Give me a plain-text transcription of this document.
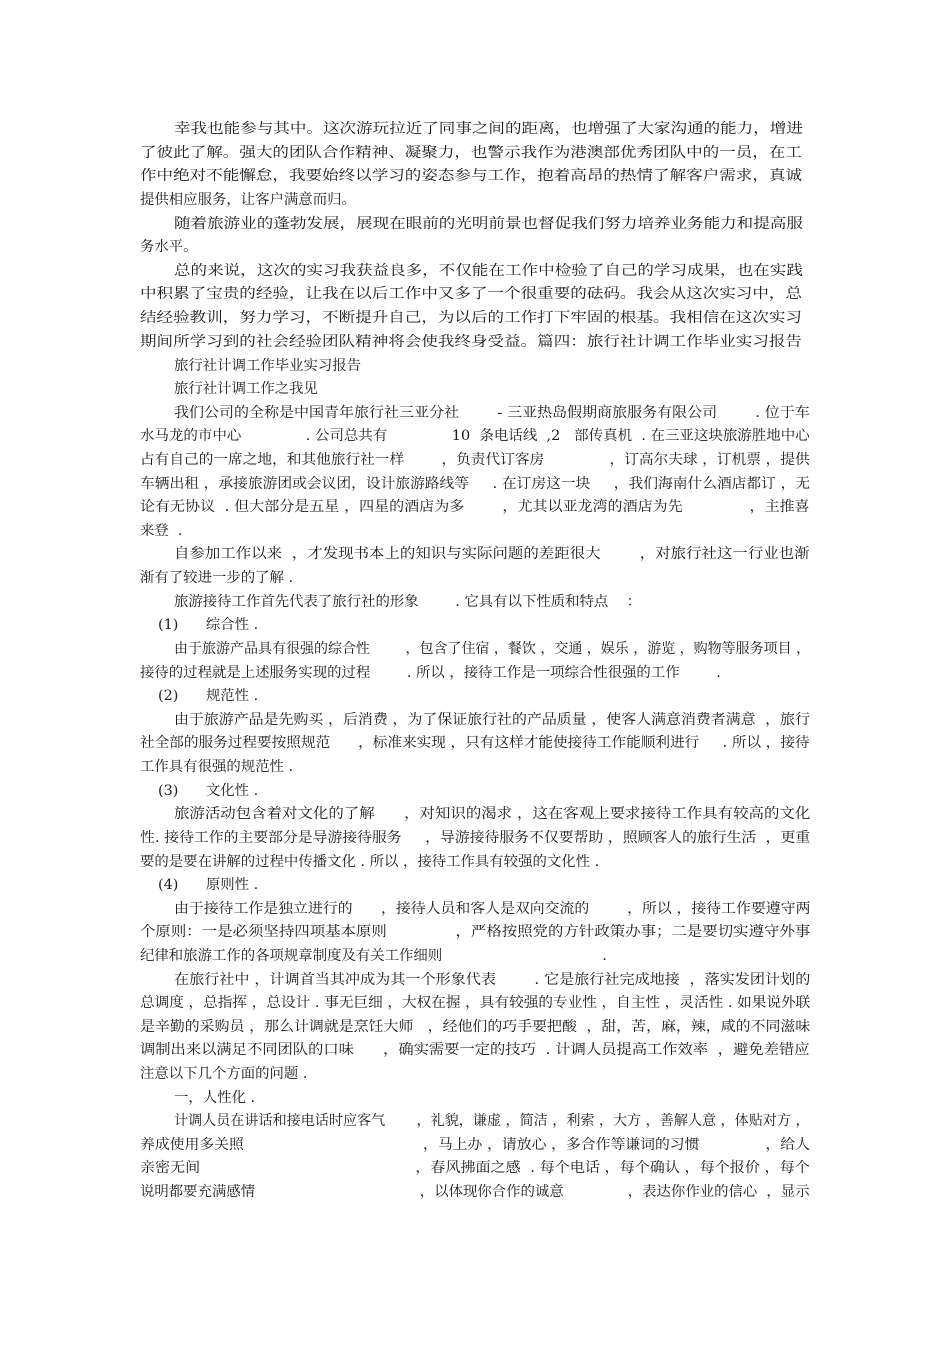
幸我也能参与其中。这次游玩拉近了同事之间的距离，也增强了大家沟通的能力，增进
了彼此了解。强大的团队合作精神、凝聚力，也警示我作为港澳部优秀团队中的一员，在工
作中绝对不能懈怠，我要始终以学习的姿态参与工作，抱着高昂的热情了解客户需求，真诚
提供相应服务，让客户满意而归。
随着旅游业的蓬勃发展，展现在眼前的光明前景也督促我们努力培养业务能力和提高服
务水平。
总的来说，这次的实习我获益良多，不仅能在工作中检验了自己的学习成果，也在实践
中积累了宝贵的经验，让我在以后工作中又多了一个很重要的砝码。我会从这次实习中，总
结经验教训，努力学习，不断提升自己，为以后的工作打下牢固的根基。我相信在这次实习
期间所学习到的社会经验团队精神将会使我终身受益。篇四：旅行社计调工作毕业实习报告
旅行社计调工作毕业实习报告
旅行社计调工作之我见
我们公司的全称是中国青年旅行社三亚分社        - 三亚热岛假期商旅服务有限公司        . 位于车
水马龙的市中心              . 公司总共有              10  条电话线  ,2   部传真机  . 在三亚这块旅游胜地中心
占有自己的一席之地，和其他旅行社一样        ，负责代订客房              ，订高尔夫球 ，订机票 ，提供
车辆出租 ，承接旅游团或会议团，设计旅游路线等     . 在订房这一块     ，我们海南什么酒店都订 ，无
论有无协议  . 但大部分是五星 ，四星的酒店为多        ，尤其以亚龙湾的酒店为先              ，主推喜
来登  .
自参加工作以来  ，才发现书本上的知识与实际问题的差距很大        ，对旅行社这一行业也渐
渐有了较进一步的了解 .
旅游接待工作首先代表了旅行社的形象        . 它具有以下性质和特点    ：
(1)      综合性 .
由于旅游产品具有很强的综合性        ，包含了住宿 ，餐饮 ，交通 ，娱乐 ，游览 ，购物等服务项目 ，
接待的过程就是上述服务实现的过程        . 所以 ，接待工作是一项综合性很强的工作        .
(2)      规范性 .
由于旅游产品是先购买 ，后消费 ，为了保证旅行社的产品质量 ，使客人满意消费者满意  ，旅行
社全部的服务过程要按照规范      ，标准来实现 ，只有这样才能使接待工作能顺利进行     . 所以 ，接待
工作具有很强的规范性 .
(3)      文化性 .
旅游活动包含着对文化的了解      ，对知识的渴求 ，这在客观上要求接待工作具有较高的文化
性. 接待工作的主要部分是导游接待服务     ，导游接待服务不仅要帮助 ，照顾客人的旅行生活  ，更重
要的是要在讲解的过程中传播文化 . 所以 ，接待工作具有较强的文化性 .
(4)      原则性 .
由于接待工作是独立进行的      ，接待人员和客人是双向交流的        ，所以 ，接待工作要遵守两
个原则：一是必须坚持四项基本原则              ，严格按照党的方针政策办事；二是要切实遵守外事
纪律和旅游工作的各项规章制度及有关工作细则                                   .
在旅行社中 ，计调首当其冲成为其一个形象代表        . 它是旅行社完成地接  ，落实发团计划的
总调度 ，总指挥 ，总设计 . 事无巨细 ，大权在握 ，具有较强的专业性 ，自主性 ，灵活性 . 如果说外联
是辛勤的采购员 ，那么计调就是烹饪大师   ，经他们的巧手要把酸  ，甜，苦，麻，辣，咸的不同滋味
调制出来以满足不同团队的口味      ，确实需要一定的技巧  . 计调人员提高工作效率  ，避免差错应
注意以下几个方面的问题 .
一，人性化 .
计调人员在讲话和接电话时应客气       ，礼貌，谦虚 ，简洁 ，利索 ，大方 ，善解人意 ，体贴对方 ，
养成使用多关照                                      ，马上办 ，请放心 ，多合作等谦词的习惯              ，给人
亲密无间                                             ，春风拂面之感  . 每个电话 ，每个确认 ，每个报价 ，每个
说明都要充满感情                                    ，以体现你合作的诚意              ，表达你作业的信心  ，显示
